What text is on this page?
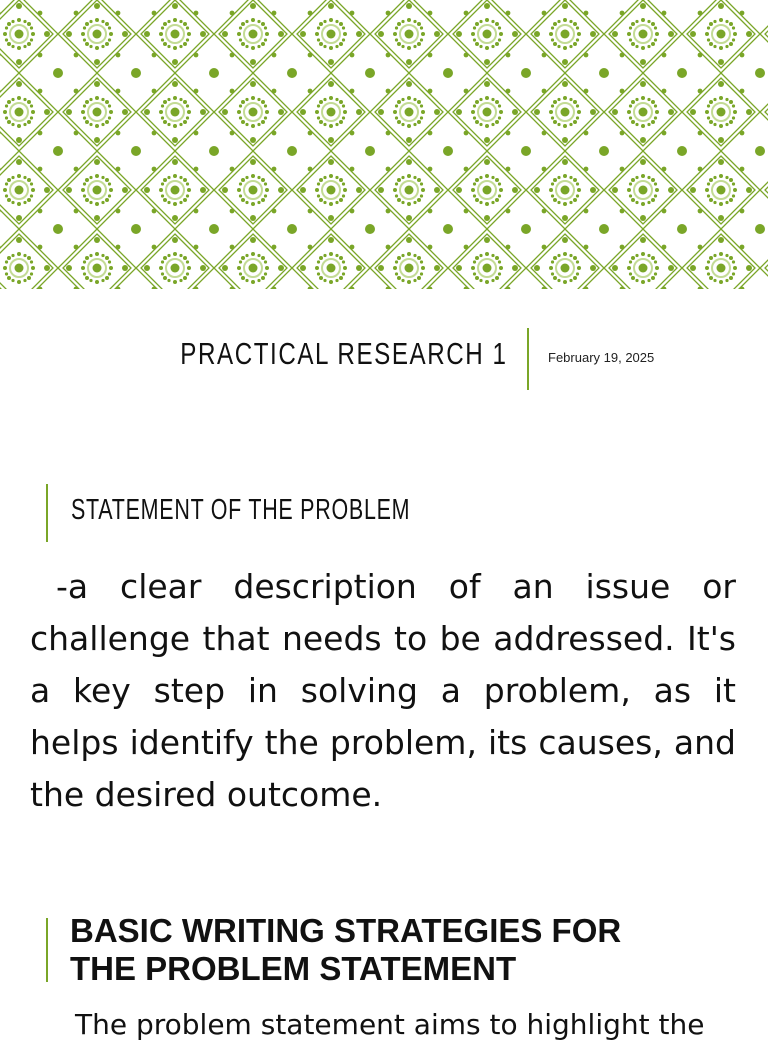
PRACTICAL RESEARCH 1	February 19, 2025
STATEMENT OF THE PROBLEM

-a clear description of an issue or challenge that needs to be addressed. It's a key step in solving a problem, as it helps identify the problem, its causes, and the desired outcome.

BASIC WRITING STRATEGIES FOR
THE PROBLEM STATEMENT

The problem statement aims to highlight the
